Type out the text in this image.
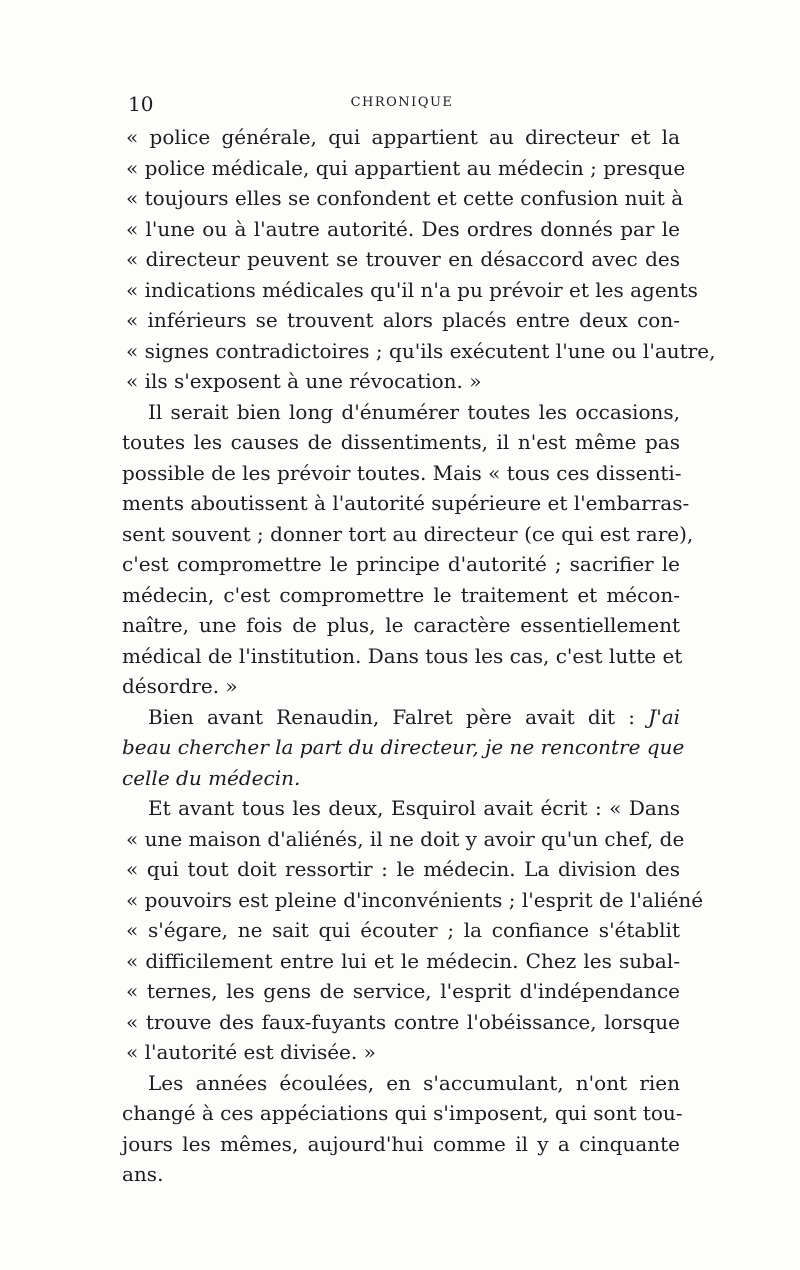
10	CHRONIQUE
« police générale, qui appartient au directeur et la
« police médicale, qui appartient au médecin ; presque
« toujours elles se confondent et cette confusion nuit à
« l'une ou à l'autre autorité. Des ordres donnés par le
« directeur peuvent se trouver en désaccord avec des
« indications médicales qu'il n'a pu prévoir et les agents
« inférieurs se trouvent alors placés entre deux con-
« signes contradictoires ; qu'ils exécutent l'une ou l'autre,
« ils s'exposent à une révocation. »
Il serait bien long d'énumérer toutes les occasions,
toutes les causes de dissentiments, il n'est même pas
possible de les prévoir toutes. Mais « tous ces dissenti-
ments aboutissent à l'autorité supérieure et l'embarras-
sent souvent ; donner tort au directeur (ce qui est rare),
c'est compromettre le principe d'autorité ; sacrifier le
médecin, c'est compromettre le traitement et mécon-
naître, une fois de plus, le caractère essentiellement
médical de l'institution. Dans tous les cas, c'est lutte et
désordre. »
Bien avant Renaudin, Falret père avait dit : J'ai
beau chercher la part du directeur, je ne rencontre que
celle du médecin.
Et avant tous les deux, Esquirol avait écrit : « Dans
« une maison d'aliénés, il ne doit y avoir qu'un chef, de
« qui tout doit ressortir : le médecin. La division des
« pouvoirs est pleine d'inconvénients ; l'esprit de l'aliéné
« s'égare, ne sait qui écouter ; la confiance s'établit
« difficilement entre lui et le médecin. Chez les subal-
« ternes, les gens de service, l'esprit d'indépendance
« trouve des faux-fuyants contre l'obéissance, lorsque
« l'autorité est divisée. »
Les années écoulées, en s'accumulant, n'ont rien
changé à ces appéciations qui s'imposent, qui sont tou-
jours les mêmes, aujourd'hui comme il y a cinquante
ans.
